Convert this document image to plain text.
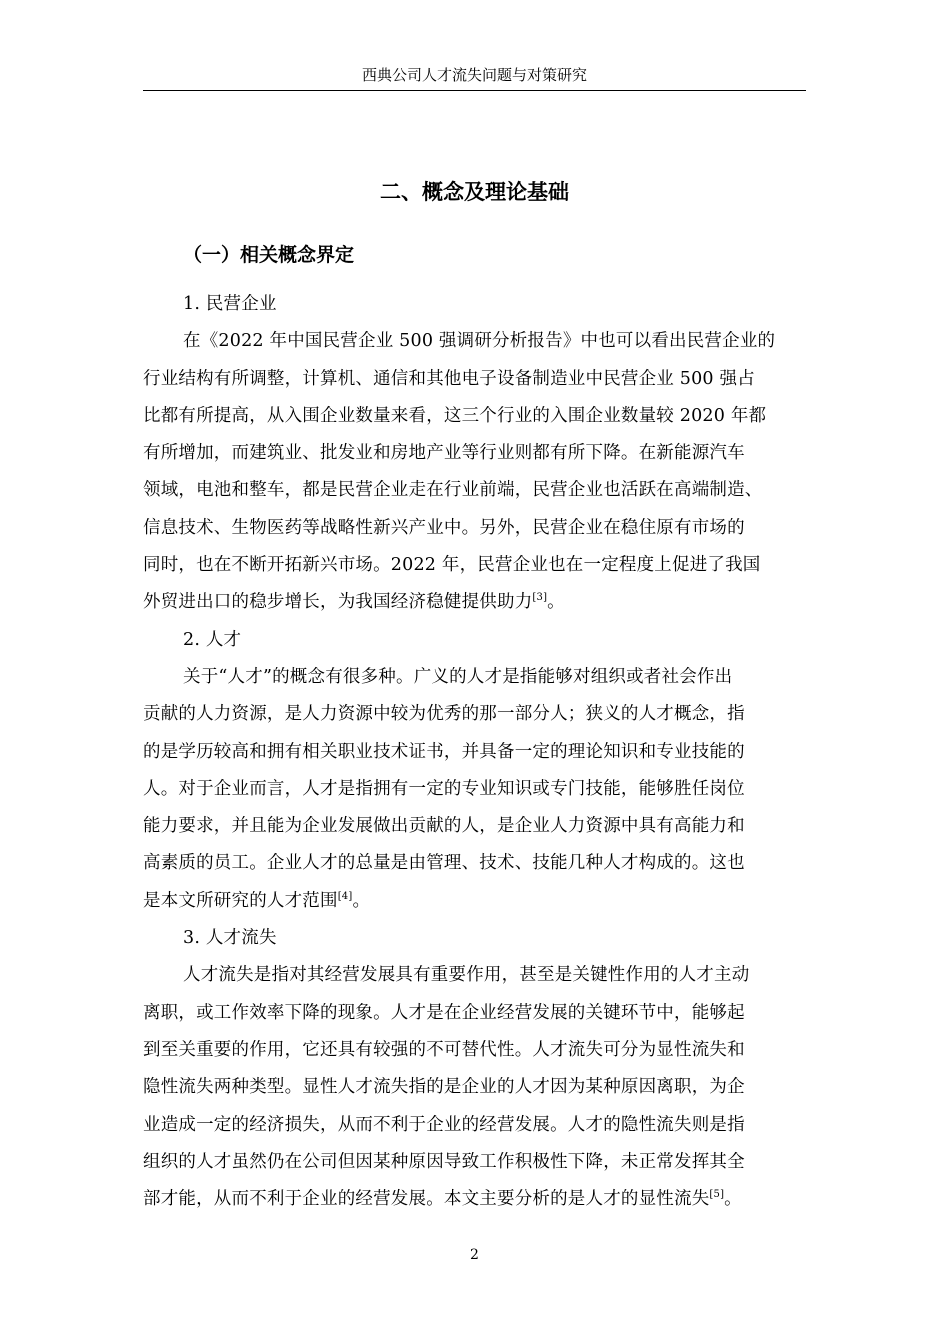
西典公司人才流失问题与对策研究
二、概念及理论基础
（一）相关概念界定
1. 民营企业
在《2022 年中国民营企业 500 强调研分析报告》中也可以看出民营企业的
行业结构有所调整，计算机、通信和其他电子设备制造业中民营企业 500 强占
比都有所提高，从入围企业数量来看，这三个行业的入围企业数量较 2020 年都
有所增加，而建筑业、批发业和房地产业等行业则都有所下降。在新能源汽车
领域，电池和整车，都是民营企业走在行业前端，民营企业也活跃在高端制造、
信息技术、生物医药等战略性新兴产业中。另外，民营企业在稳住原有市场的
同时，也在不断开拓新兴市场。2022 年，民营企业也在一定程度上促进了我国
外贸进出口的稳步增长，为我国经济稳健提供助力[3]。
2. 人才
关于“人才”的概念有很多种。广义的人才是指能够对组织或者社会作出
贡献的人力资源，是人力资源中较为优秀的那一部分人；狭义的人才概念，指
的是学历较高和拥有相关职业技术证书，并具备一定的理论知识和专业技能的
人。对于企业而言，人才是指拥有一定的专业知识或专门技能，能够胜任岗位
能力要求，并且能为企业发展做出贡献的人，是企业人力资源中具有高能力和
高素质的员工。企业人才的总量是由管理、技术、技能几种人才构成的。这也
是本文所研究的人才范围[4]。
3. 人才流失
人才流失是指对其经营发展具有重要作用，甚至是关键性作用的人才主动
离职，或工作效率下降的现象。人才是在企业经营发展的关键环节中，能够起
到至关重要的作用，它还具有较强的不可替代性。人才流失可分为显性流失和
隐性流失两种类型。显性人才流失指的是企业的人才因为某种原因离职，为企
业造成一定的经济损失，从而不利于企业的经营发展。人才的隐性流失则是指
组织的人才虽然仍在公司但因某种原因导致工作积极性下降，未正常发挥其全
部才能，从而不利于企业的经营发展。本文主要分析的是人才的显性流失[5]。
2
